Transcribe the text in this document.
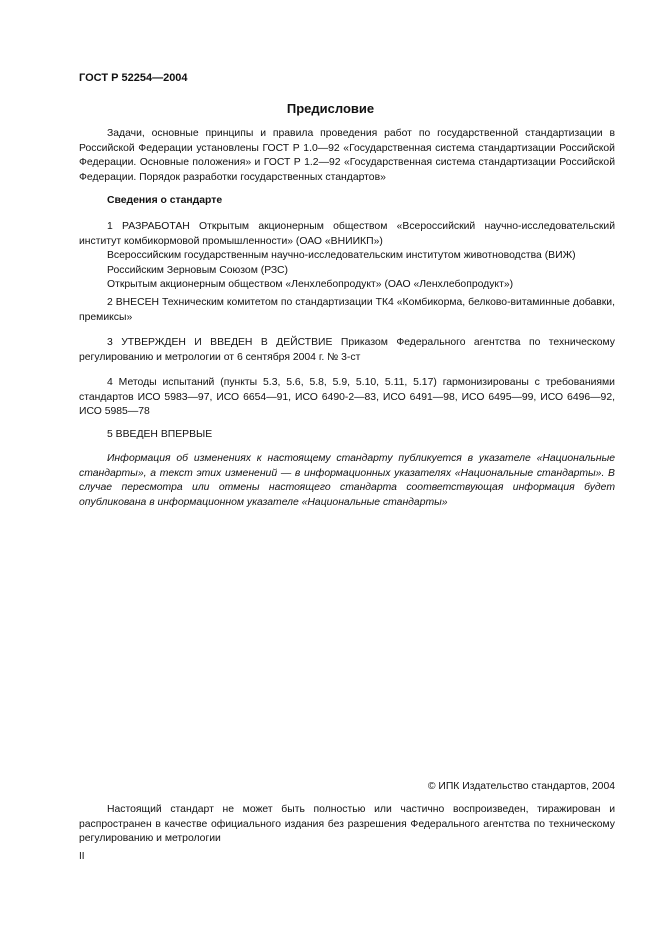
ГОСТ Р 52254—2004
Предисловие

Задачи, основные принципы и правила проведения работ по государственной стандартизации в Российской Федерации установлены ГОСТ Р 1.0—92 «Государственная система стандартизации Российской Федерации. Основные положения» и ГОСТ Р 1.2—92 «Государственная система стандартизации Российской Федерации. Порядок разработки государственных стандартов»

Сведения о стандарте

1 РАЗРАБОТАН Открытым акционерным обществом «Всероссийский научно-исследовательский институт комбикормовой промышленности» (ОАО «ВНИИКП»)

Всероссийским государственным научно-исследовательским институтом животноводства (ВИЖ)

Российским Зерновым Союзом (РЗС)

Открытым акционерным обществом «Ленхлебопродукт» (ОАО «Ленхлебопродукт»)

2 ВНЕСЕН Техническим комитетом по стандартизации ТК4 «Комбикорма, белково-витаминные добавки, премиксы»

3 УТВЕРЖДЕН И ВВЕДЕН В ДЕЙСТВИЕ Приказом Федерального агентства по техническому регулированию и метрологии от 6 сентября 2004 г. № 3-ст

4 Методы испытаний (пункты 5.3, 5.6, 5.8, 5.9, 5.10, 5.11, 5.17) гармонизированы с требованиями стандартов ИСО 5983—97, ИСО 6654—91, ИСО 6490-2—83, ИСО 6491—98, ИСО 6495—99, ИСО 6496—92, ИСО 5985—78

5 ВВЕДЕН ВПЕРВЫЕ

Информация об изменениях к настоящему стандарту публикуется в указателе «Национальные стандарты», а текст этих изменений — в информационных указателях «Национальные стандарты». В случае пересмотра или отмены настоящего стандарта соответствующая информация будет опубликована в информационном указателе «Национальные стандарты»

© ИПК Издательство стандартов, 2004

Настоящий стандарт не может быть полностью или частично воспроизведен, тиражирован и распространен в качестве официального издания без разрешения Федерального агентства по техническому регулированию и метрологии

II
